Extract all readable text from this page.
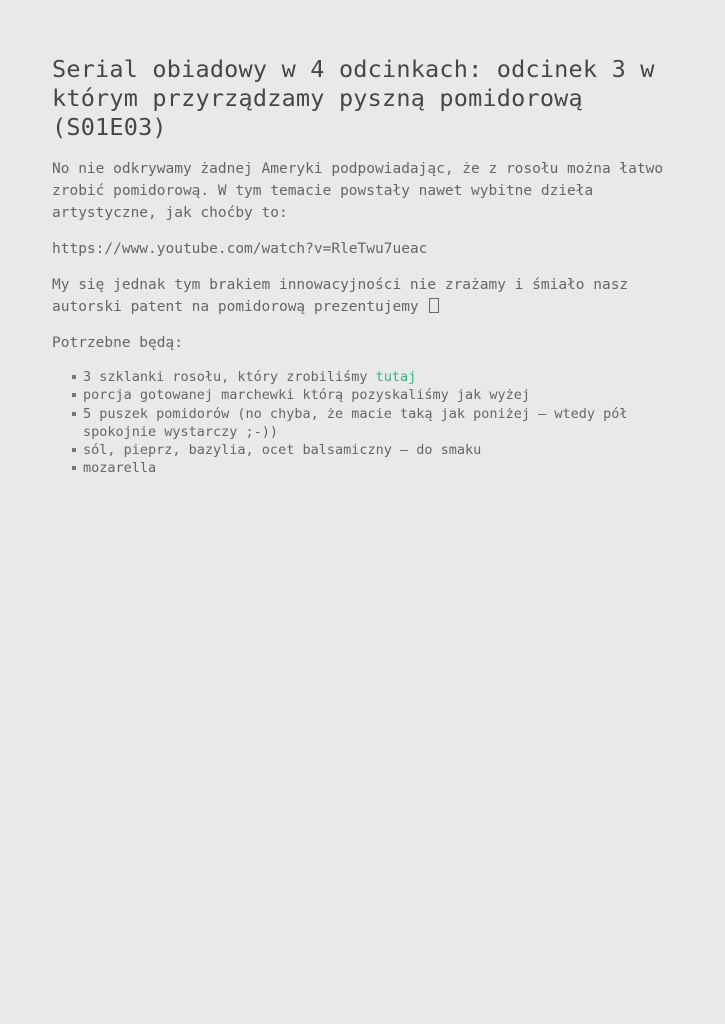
Serial obiadowy w 4 odcinkach: odcinek 3 w którym przyrządzamy pyszną pomidorową (S01E03)

No nie odkrywamy żadnej Ameryki podpowiadając, że z rosołu można łatwo zrobić pomidorową. W tym temacie powstały nawet wybitne dzieła artystyczne, jak choćby to:

https://www.youtube.com/watch?v=RleTwu7ueac

My się jednak tym brakiem innowacyjności nie zrażamy i śmiało nasz autorski patent na pomidorową prezentujemy

Potrzebne będą:

3 szklanki rosołu, który zrobiliśmy tutaj
porcja gotowanej marchewki którą pozyskaliśmy jak wyżej
5 puszek pomidorów (no chyba, że macie taką jak poniżej – wtedy pół spokojnie wystarczy ;-))
sól, pieprz, bazylia, ocet balsamiczny – do smaku
mozarella
